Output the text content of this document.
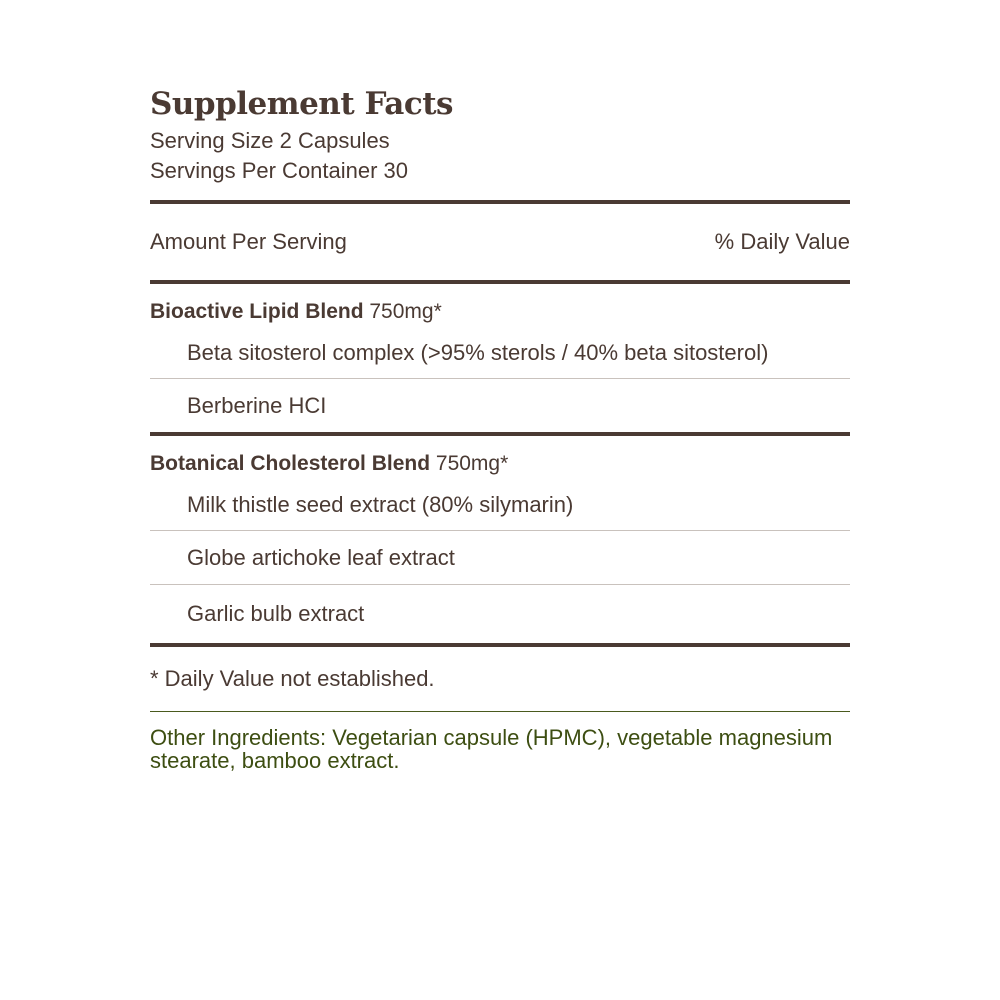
Supplement Facts
Serving Size 2 Capsules
Servings Per Container 30
Amount Per Serving	% Daily Value
Bioactive Lipid Blend 750mg*
Beta sitosterol complex (>95% sterols / 40% beta sitosterol)
Berberine HCI
Botanical Cholesterol Blend 750mg*
Milk thistle seed extract (80% silymarin)
Globe artichoke leaf extract
Garlic bulb extract
* Daily Value not established.
Other Ingredients: Vegetarian capsule (HPMC), vegetable magnesium stearate, bamboo extract.
